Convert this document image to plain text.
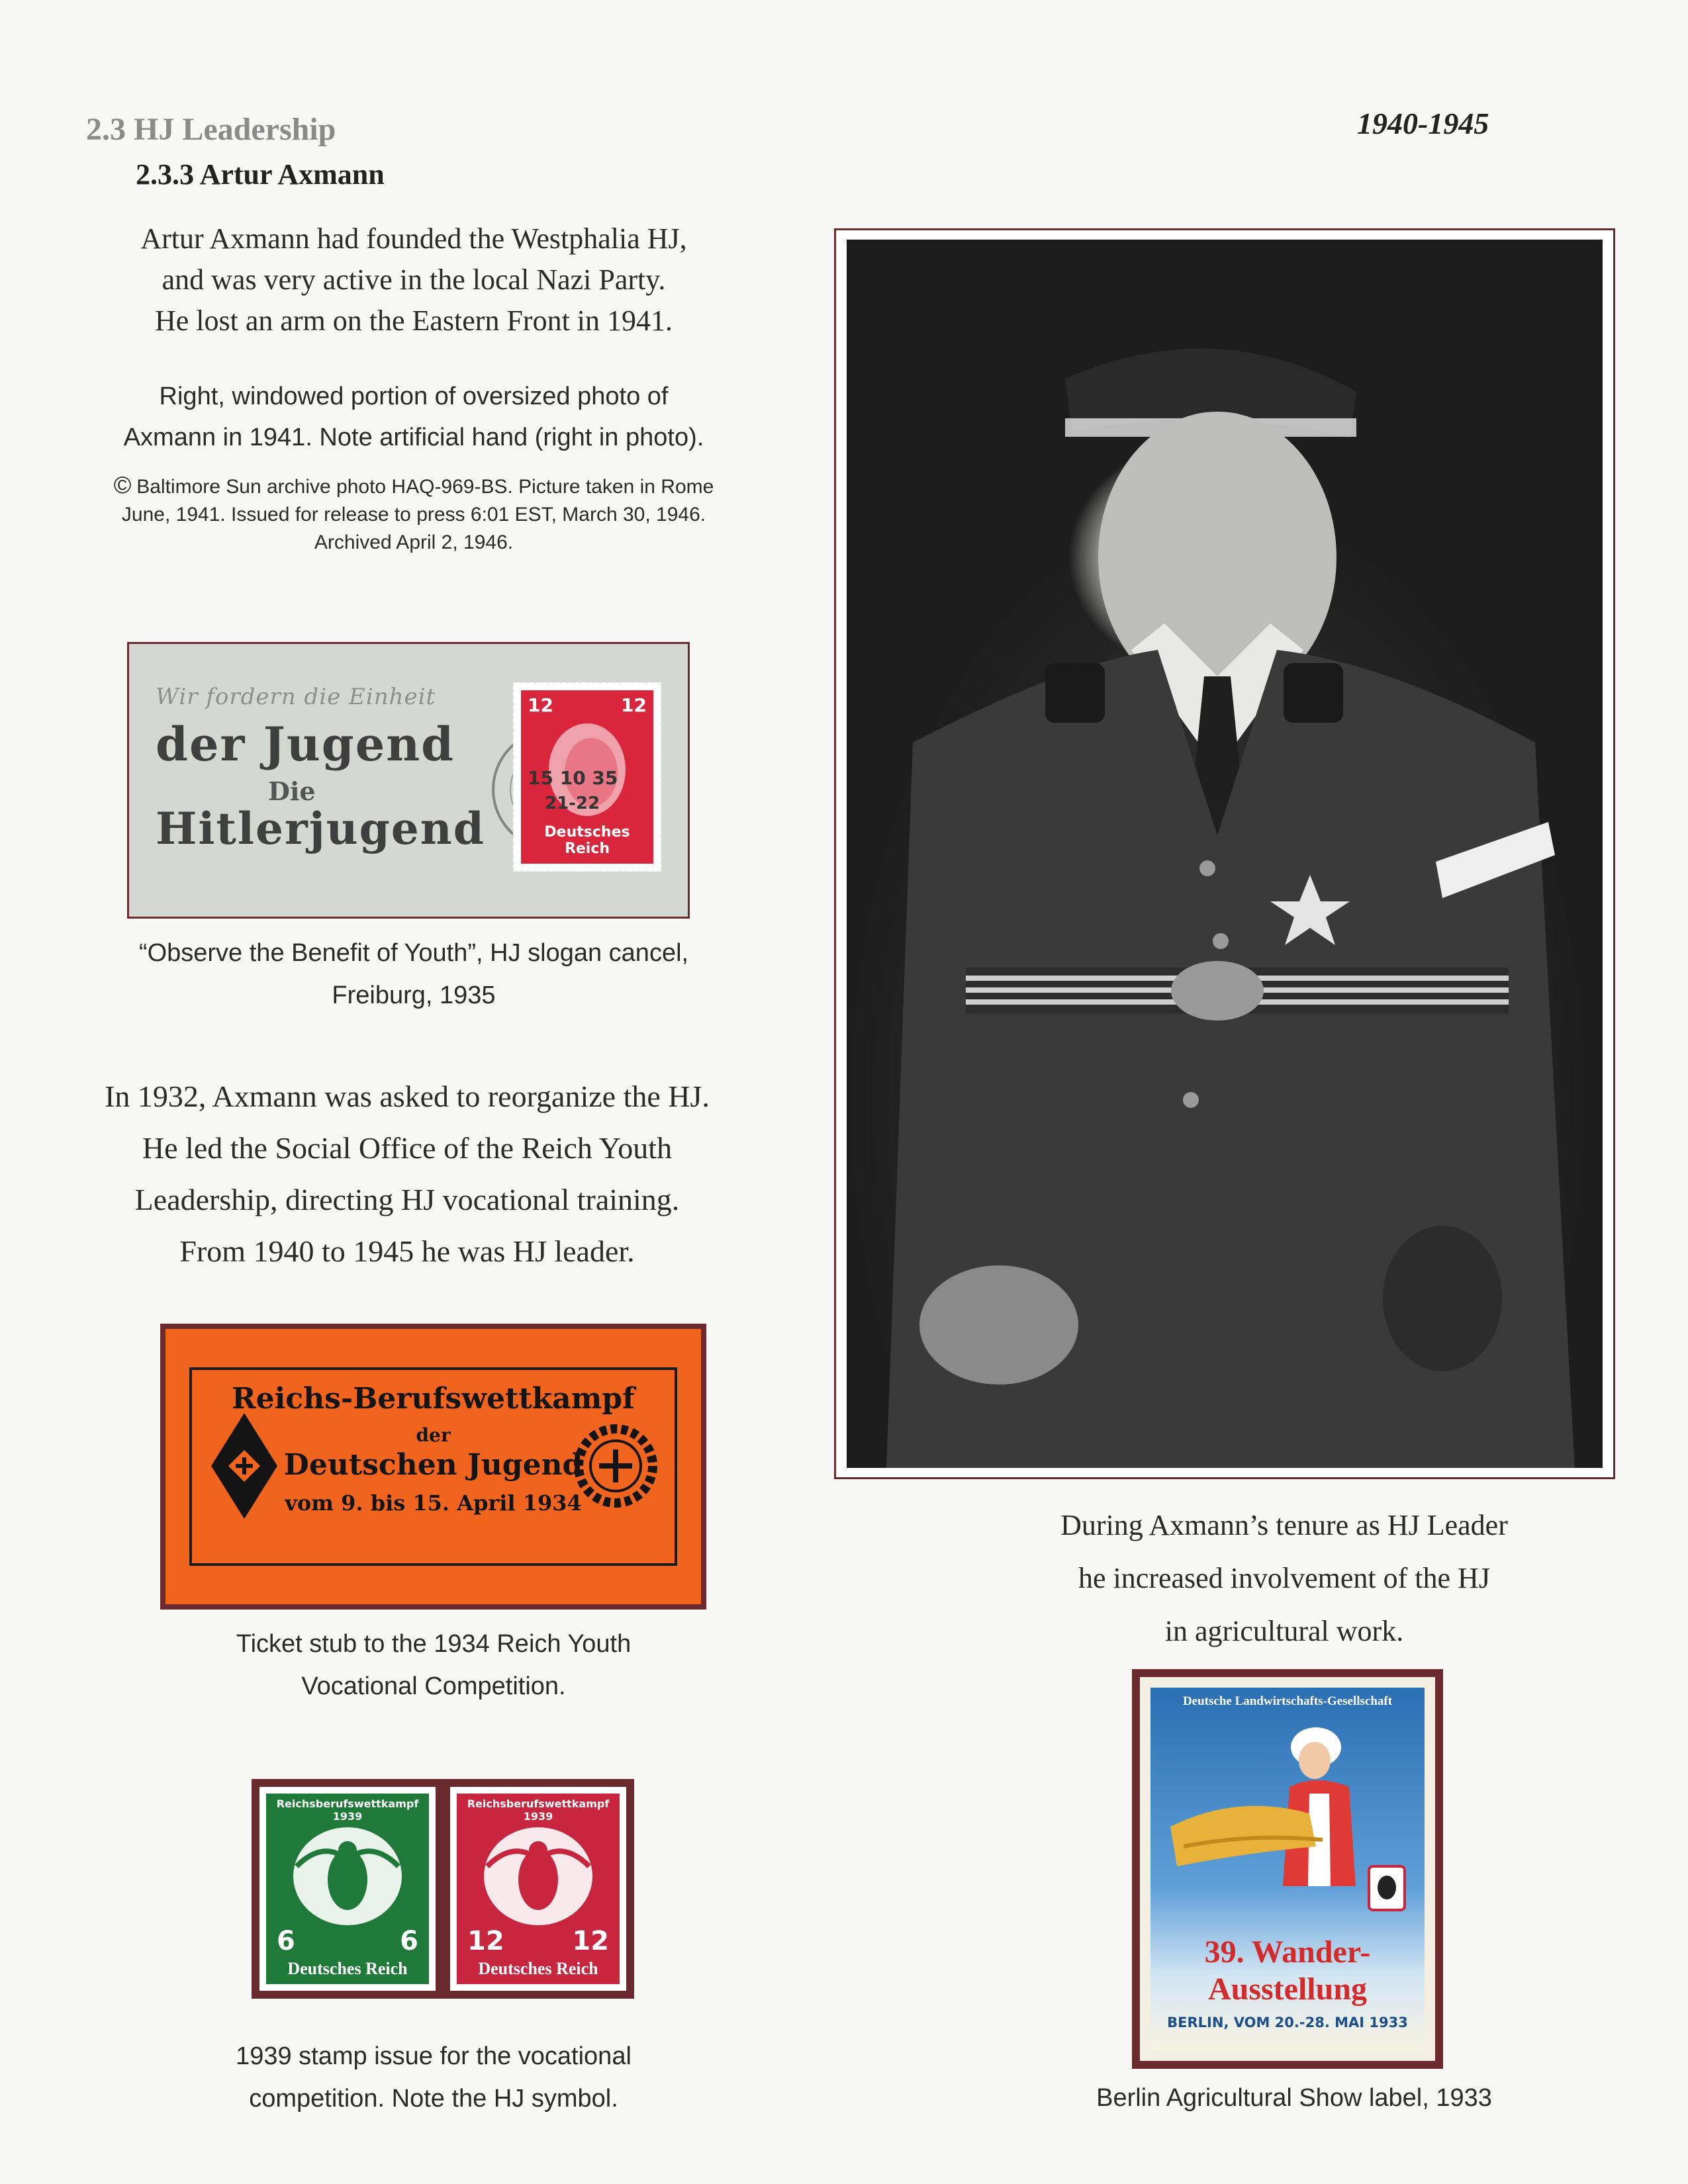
2.3 HJ Leadership
2.3.3 Artur Axmann
1940-1945
Artur Axmann had founded the Westphalia HJ,
and was very active in the local Nazi Party.
He lost an arm on the Eastern Front in 1941.
Right, windowed portion of oversized photo of
Axmann in 1941. Note artificial hand (right in photo).
© Baltimore Sun archive photo HAQ-969-BS. Picture taken in Rome
June, 1941. Issued for release to press 6:01 EST, March 30, 1946.
Archived April 2, 1946.
Wir fordern die Einheit
der Jugend
Die
Hitlerjugend
12	12
Deutsches Reich
15 10 35
21-22
“Observe the Benefit of Youth”, HJ slogan cancel,
Freiburg, 1935
In 1932, Axmann was asked to reorganize the HJ.
He led the Social Office of the Reich Youth
Leadership, directing HJ vocational training.
From 1940 to 1945 he was HJ leader.
Reichs-Berufswettkampf
der
Deutschen Jugend
vom 9. bis 15. April 1934
Ticket stub to the 1934 Reich Youth
Vocational Competition.
Reichsberufswettkampf 1939
6	6
Deutsches Reich
Reichsberufswettkampf 1939
12	12
Deutsches Reich
1939 stamp issue for the vocational
competition. Note the HJ symbol.
During Axmann’s tenure as HJ Leader
he increased involvement of the HJ
in agricultural work.
Deutsche Landwirtschafts-Gesellschaft
39. Wander-
Ausstellung
BERLIN, VOM 20.-28. MAI 1933
Berlin Agricultural Show label, 1933
